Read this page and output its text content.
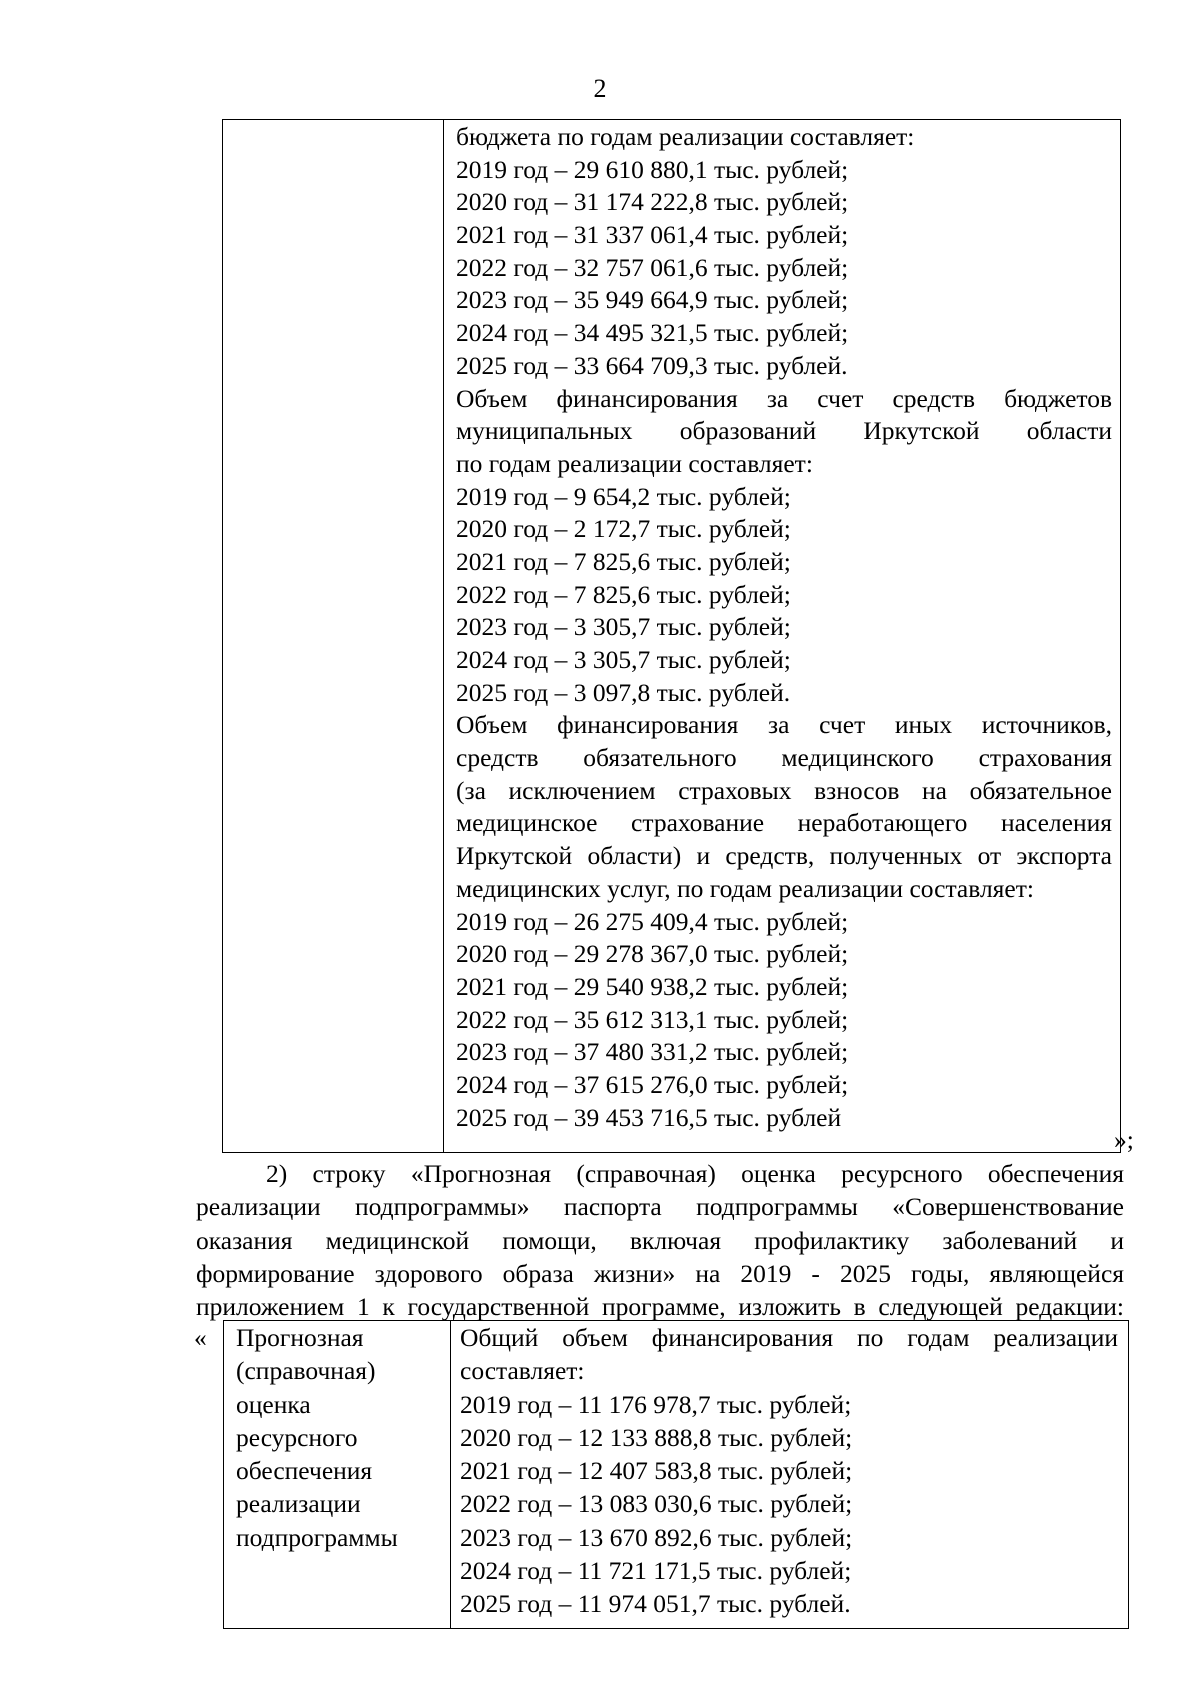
2
бюджета по годам реализации составляет:
2019 год – 29 610 880,1 тыс. рублей;
2020 год – 31 174 222,8 тыс. рублей;
2021 год – 31 337 061,4 тыс. рублей;
2022 год – 32 757 061,6 тыс. рублей;
2023 год – 35 949 664,9 тыс. рублей;
2024 год – 34 495 321,5 тыс. рублей;
2025 год – 33 664 709,3 тыс. рублей.
Объем финансирования за счет средств бюджетов
муниципальных образований Иркутской области
по годам реализации составляет:
2019 год – 9 654,2 тыс. рублей;
2020 год – 2 172,7 тыс. рублей;
2021 год – 7 825,6 тыс. рублей;
2022 год – 7 825,6 тыс. рублей;
2023 год – 3 305,7 тыс. рублей;
2024 год – 3 305,7 тыс. рублей;
2025 год – 3 097,8 тыс. рублей.
Объем финансирования за счет иных источников,
средств обязательного медицинского страхования
(за исключением страховых взносов на обязательное
медицинское страхование неработающего населения
Иркутской области) и средств, полученных от экспорта
медицинских услуг, по годам реализации составляет:
2019 год – 26 275 409,4 тыс. рублей;
2020 год – 29 278 367,0 тыс. рублей;
2021 год – 29 540 938,2 тыс. рублей;
2022 год – 35 612 313,1 тыс. рублей;
2023 год – 37 480 331,2 тыс. рублей;
2024 год – 37 615 276,0 тыс. рублей;
2025 год – 39 453 716,5 тыс. рублей
»;
2) строку «Прогнозная (справочная) оценка ресурсного обеспечения
реализации подпрограммы» паспорта подпрограммы «Совершенствование
оказания медицинской помощи, включая профилактику заболеваний и
формирование здорового образа жизни» на 2019 - 2025 годы, являющейся
приложением 1 к государственной программе, изложить в следующей редакции:
« Прогнозная
(справочная)
оценка
ресурсного
обеспечения
реализации
подпрограммы
Общий объем финансирования по годам реализации
составляет:
2019 год – 11 176 978,7 тыс. рублей;
2020 год – 12 133 888,8 тыс. рублей;
2021 год – 12 407 583,8 тыс. рублей;
2022 год – 13 083 030,6 тыс. рублей;
2023 год – 13 670 892,6 тыс. рублей;
2024 год – 11 721 171,5 тыс. рублей;
2025 год – 11 974 051,7 тыс. рублей.
